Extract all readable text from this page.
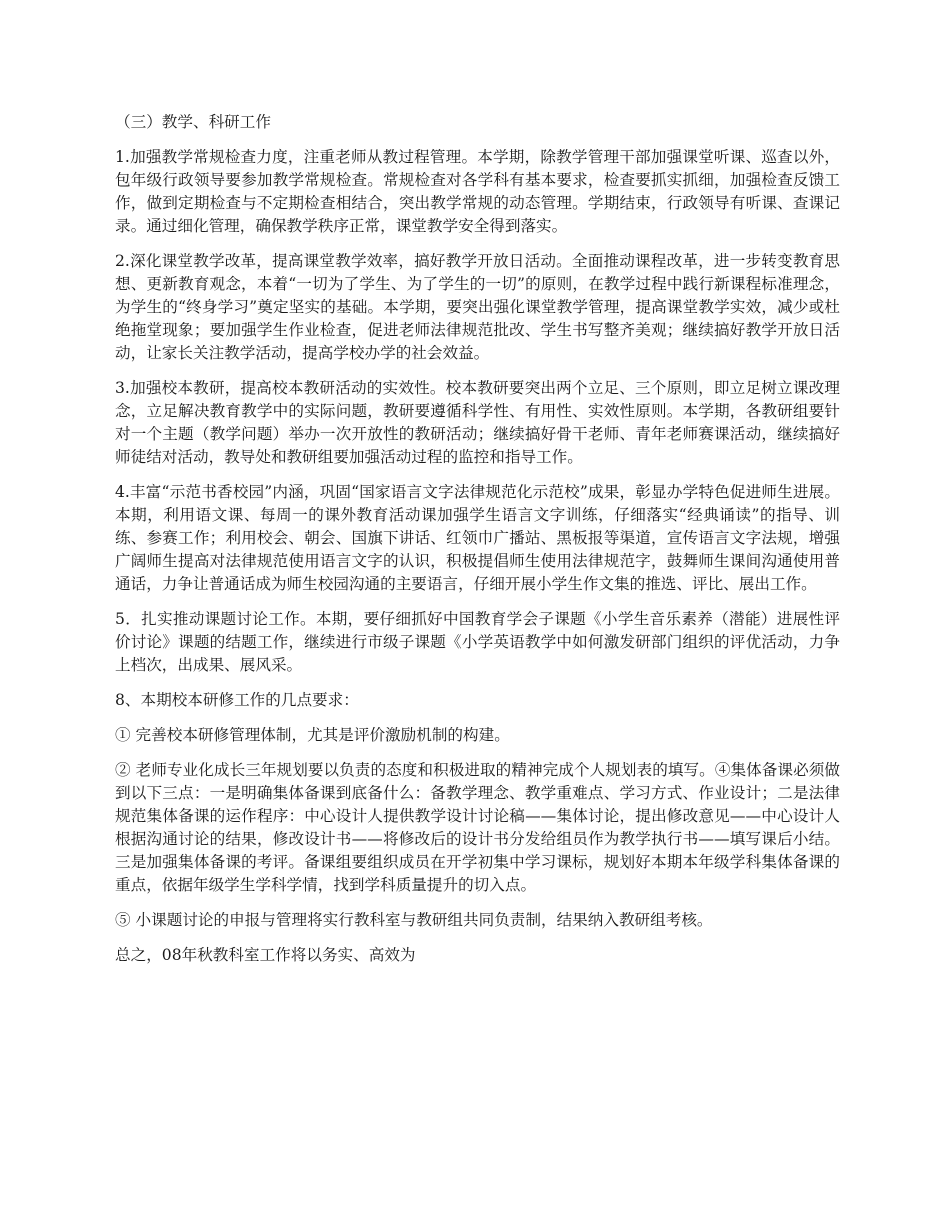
（三）教学、科研工作

1.加强教学常规检查力度，注重老师从教过程管理。本学期，除教学管理干部加强课堂听课、巡查以外，包年级行政领导要参加教学常规检查。常规检查对各学科有基本要求，检查要抓实抓细，加强检查反馈工作，做到定期检查与不定期检查相结合，突出教学常规的动态管理。学期结束，行政领导有听课、查课记录。通过细化管理，确保教学秩序正常，课堂教学安全得到落实。

2.深化课堂教学改革，提高课堂教学效率，搞好教学开放日活动。全面推动课程改革，进一步转变教育思想、更新教育观念，本着“一切为了学生、为了学生的一切”的原则，在教学过程中践行新课程标准理念，为学生的“终身学习”奠定坚实的基础。本学期，要突出强化课堂教学管理，提高课堂教学实效，减少或杜绝拖堂现象；要加强学生作业检查，促进老师法律规范批改、学生书写整齐美观；继续搞好教学开放日活动，让家长关注教学活动，提高学校办学的社会效益。

3.加强校本教研，提高校本教研活动的实效性。校本教研要突出两个立足、三个原则，即立足树立课改理念，立足解决教育教学中的实际问题，教研要遵循科学性、有用性、实效性原则。本学期，各教研组要针对一个主题（教学问题）举办一次开放性的教研活动；继续搞好骨干老师、青年老师赛课活动，继续搞好师徒结对活动，教导处和教研组要加强活动过程的监控和指导工作。

4.丰富“示范书香校园”内涵，巩固“国家语言文字法律规范化示范校”成果，彰显办学特色促进师生进展。本期，利用语文课、每周一的课外教育活动课加强学生语言文字训练，仔细落实“经典诵读”的指导、训练、参赛工作；利用校会、朝会、国旗下讲话、红领巾广播站、黑板报等渠道，宣传语言文字法规，增强广阔师生提高对法律规范使用语言文字的认识，积极提倡师生使用法律规范字，鼓舞师生课间沟通使用普通话，力争让普通话成为师生校园沟通的主要语言，仔细开展小学生作文集的推选、评比、展出工作。

5．扎实推动课题讨论工作。本期，要仔细抓好中国教育学会子课题《小学生音乐素养（潜能）进展性评价讨论》课题的结题工作，继续进行市级子课题《小学英语教学中如何激发研部门组织的评优活动，力争上档次，出成果、展风采。

8、本期校本研修工作的几点要求：

① 完善校本研修管理体制，尤其是评价激励机制的构建。

② 老师专业化成长三年规划要以负责的态度和积极进取的精神完成个人规划表的填写。④集体备课必须做到以下三点：一是明确集体备课到底备什么：备教学理念、教学重难点、学习方式、作业设计；二是法律规范集体备课的运作程序：中心设计人提供教学设计讨论稿——集体讨论，提出修改意见——中心设计人根据沟通讨论的结果，修改设计书——将修改后的设计书分发给组员作为教学执行书——填写课后小结。三是加强集体备课的考评。备课组要组织成员在开学初集中学习课标，规划好本期本年级学科集体备课的重点，依据年级学生学科学情，找到学科质量提升的切入点。

⑤ 小课题讨论的申报与管理将实行教科室与教研组共同负责制，结果纳入教研组考核。

总之，08年秋教科室工作将以务实、高效为
